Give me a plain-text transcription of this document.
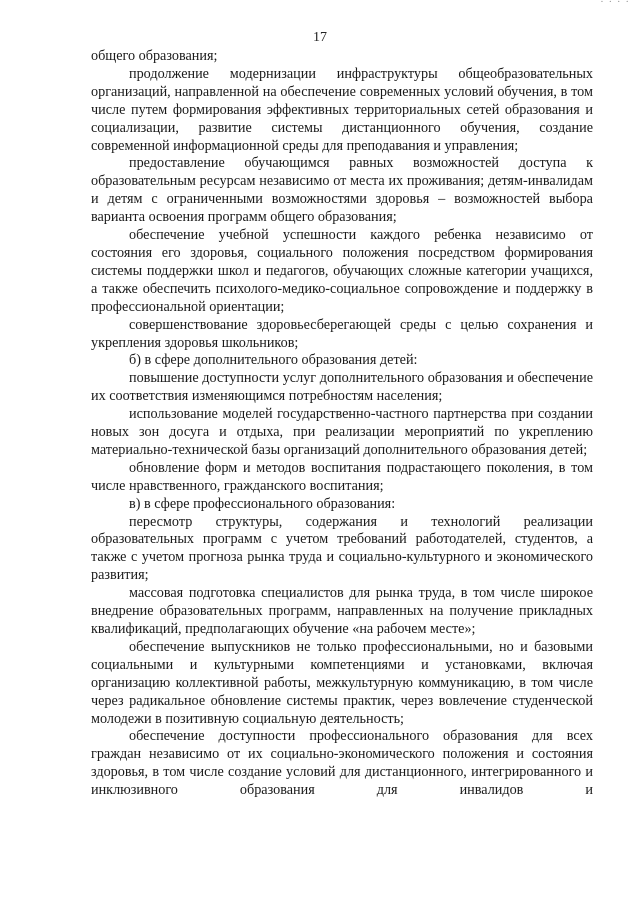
· · · ·
17

общего образования;

продолжение модернизации инфраструктуры общеобразовательных организаций, направленной на обеспечение современных условий обучения, в том числе путем формирования эффективных территориальных сетей образования и социализации, развитие системы дистанционного обучения, создание современной информационной среды для преподавания и управления;

предоставление обучающимся равных возможностей доступа к образовательным ресурсам независимо от места их проживания; детям-инвалидам и детям с ограниченными возможностями здоровья – возможностей выбора варианта освоения программ общего образования;

обеспечение учебной успешности каждого ребенка независимо от состояния его здоровья, социального положения посредством формирования системы поддержки школ и педагогов, обучающих сложные категории учащихся, а также обеспечить психолого-медико-социальное сопровождение и поддержку в профессиональной ориентации;

совершенствование здоровьесберегающей среды с целью сохранения и укрепления здоровья школьников;

б) в сфере дополнительного образования детей:

повышение доступности услуг дополнительного образования и обеспечение их соответствия изменяющимся потребностям населения;

использование моделей государственно-частного партнерства при создании новых зон досуга и отдыха, при реализации мероприятий по укреплению материально-технической базы организаций дополнительного образования детей;

обновление форм и методов воспитания подрастающего поколения, в том числе нравственного, гражданского воспитания;

в) в сфере профессионального образования:

пересмотр структуры, содержания и технологий реализации образовательных программ с учетом требований работодателей, студентов, а также с учетом прогноза рынка труда и социально-культурного и экономического развития;

массовая подготовка специалистов для рынка труда, в том числе широкое внедрение образовательных программ, направленных на получение прикладных квалификаций, предполагающих обучение «на рабочем месте»;

обеспечение выпускников не только профессиональными, но и базовыми социальными и культурными компетенциями и установками, включая организацию коллективной работы, межкультурную коммуникацию, в том числе через радикальное обновление системы практик, через вовлечение студенческой молодежи в позитивную социальную деятельность;

обеспечение доступности профессионального образования для всех граждан независимо от их социально-экономического положения и состояния здоровья, в том числе создание условий для дистанционного, интегрированного и инклюзивного образования для инвалидов и
